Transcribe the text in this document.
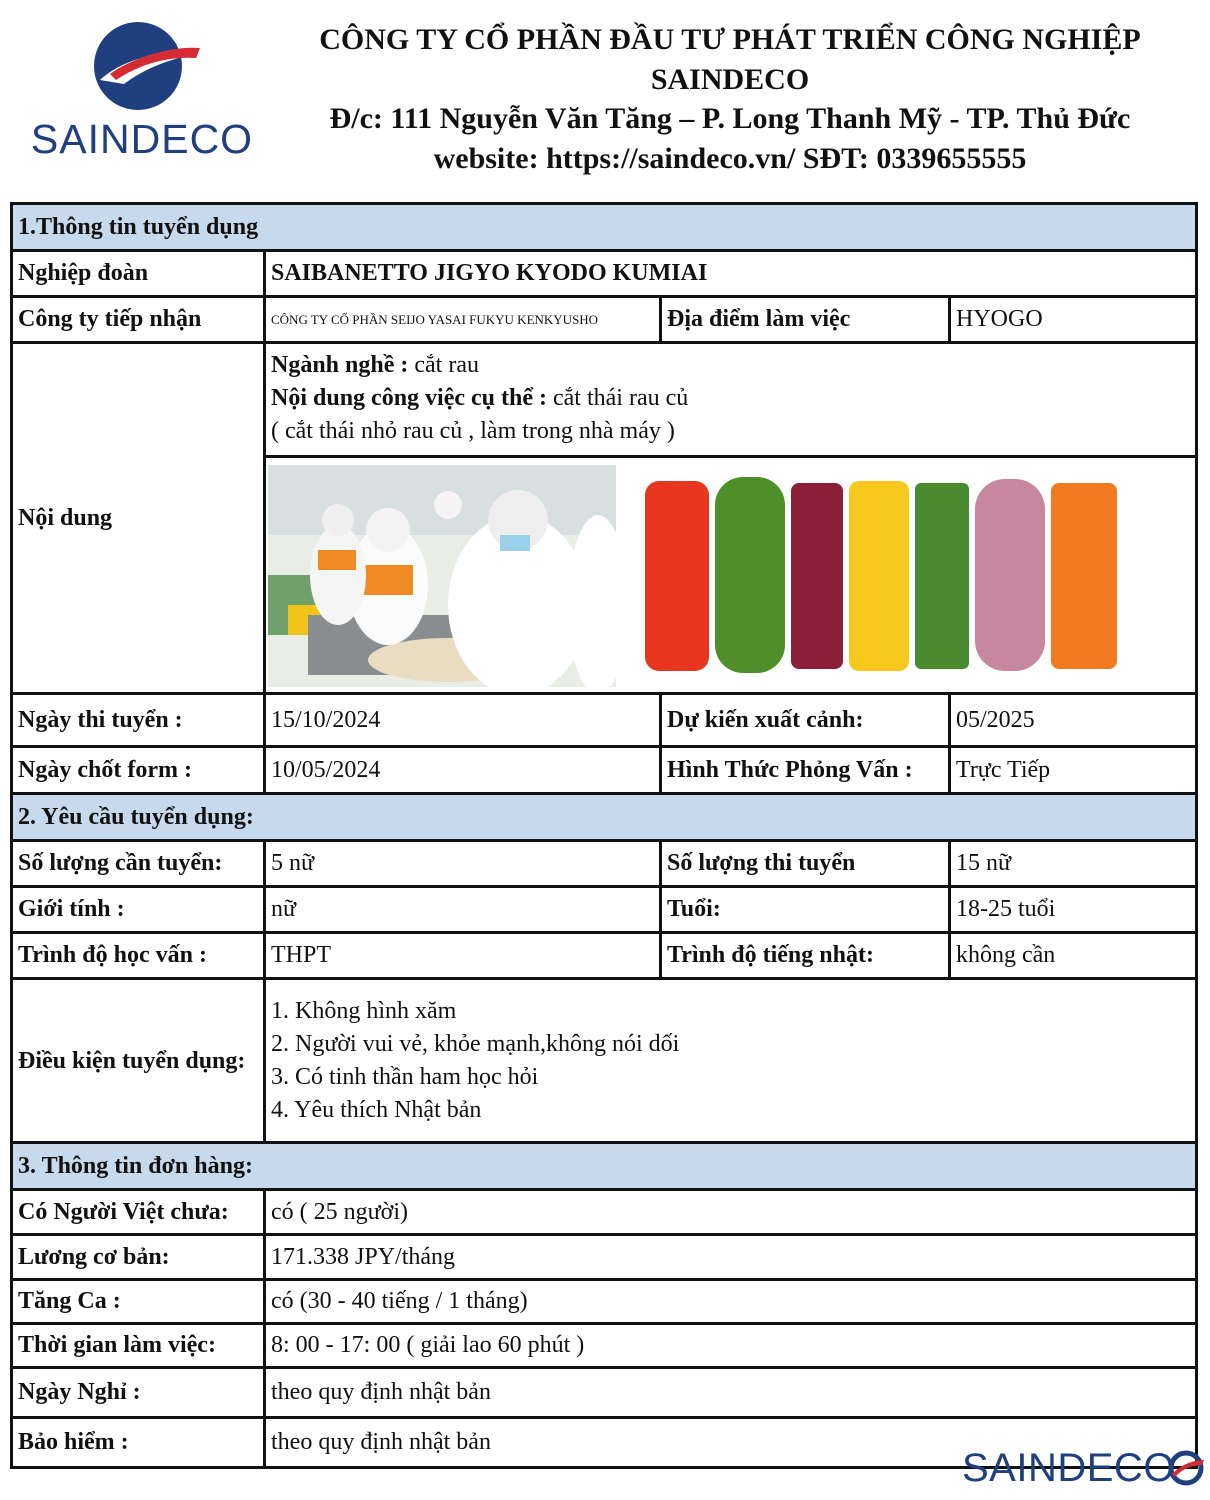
SAINDECO
CÔNG TY CỔ PHẦN ĐẦU TƯ PHÁT TRIỂN CÔNG NGHIỆP
SAINDECO
Đ/c: 111 Nguyễn Văn Tăng – P. Long Thanh Mỹ - TP. Thủ Đức
website: https://saindeco.vn/ SĐT: 0339655555
1.Thông tin tuyển dụng			
Nghiệp đoàn	SAIBANETTO JIGYO KYODO KUMIAI		
Công ty tiếp nhận	CÔNG TY CỔ PHẦN SEIJO YASAI FUKYU KENKYUSHO	Địa điểm làm việc	HYOGO
Nội dung	Ngành nghề : cắt rau
Nội dung công việc cụ thể : cắt thái rau củ
( cắt thái nhỏ rau củ , làm trong nhà máy )		

Ngày thi tuyển :	15/10/2024	Dự kiến xuất cảnh:	05/2025
Ngày chốt form :	10/05/2024	Hình Thức Phỏng Vấn :	Trực Tiếp
2. Yêu cầu tuyển dụng:			
Số lượng cần tuyển:	5 nữ	Số lượng thi tuyển	15 nữ
Giới tính :	nữ	Tuổi:	18-25 tuổi
Trình độ học vấn :	THPT	Trình độ tiếng nhật:	không cần
Điều kiện tuyển dụng:	1. Không hình xăm
2. Người vui vẻ, khỏe mạnh,không nói dối
3. Có tinh thần ham học hỏi
4. Yêu thích Nhật bản		

3. Thông tin đơn hàng:			
Có Người Việt chưa:	có ( 25 người)		
Lương cơ bản:	171.338 JPY/tháng		
Tăng Ca :	có (30 - 40 tiếng / 1 tháng)		
Thời gian làm việc:	8: 00 - 17: 00 ( giải lao 60 phút )		
Ngày Nghỉ :	theo quy định nhật bản		
Bảo hiểm :	theo quy định nhật bản		
SAINDECO
